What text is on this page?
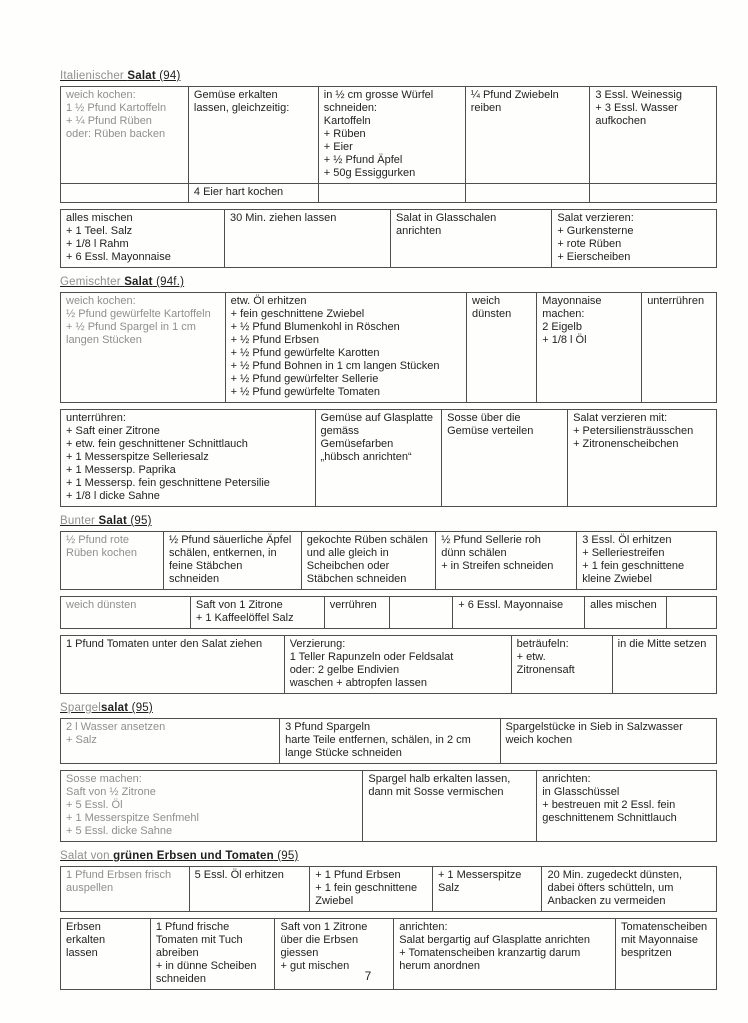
Italienischer Salat (94)
weich kochen:
1 ½ Pfund Kartoffeln
+ ¼ Pfund Rüben
oder: Rüben backen	Gemüse erkalten
lassen, gleichzeitig:	in ½ cm grosse Würfel
schneiden:
Kartoffeln
+ Rüben
+ Eier
+ ½ Pfund Äpfel
+ 50g Essiggurken	¼ Pfund Zwiebeln
reiben	3 Essl. Weinessig
+ 3 Essl. Wasser
aufkochen
	4 Eier hart kochen			
alles mischen
+ 1 Teel. Salz
+ 1/8 l Rahm
+ 6 Essl. Mayonnaise	30 Min. ziehen lassen	Salat in Glasschalen
anrichten	Salat verzieren:
+ Gurkensterne
+ rote Rüben
+ Eierscheiben
Gemischter Salat (94f.)
weich kochen:
½ Pfund gewürfelte Kartoffeln
+ ½ Pfund Spargel in 1 cm
langen Stücken	etw. Öl erhitzen
+ fein geschnittene Zwiebel
+ ½ Pfund Blumenkohl in Röschen
+ ½ Pfund Erbsen
+ ½ Pfund gewürfelte Karotten
+ ½ Pfund Bohnen in 1 cm langen Stücken
+ ½ Pfund gewürfelter Sellerie
+ ½ Pfund gewürfelte Tomaten	weich
dünsten	Mayonnaise
machen:
2 Eigelb
+ 1/8 l Öl	unterrühren
unterrühren:
+ Saft einer Zitrone
+ etw. fein geschnittener Schnittlauch
+ 1 Messerspitze Selleriesalz
+ 1 Messersp. Paprika
+ 1 Messersp. fein geschnittene Petersilie
+ 1/8 l dicke Sahne	Gemüse auf Glasplatte
gemäss
Gemüsefarben
„hübsch anrichten“	Sosse über die
Gemüse verteilen	Salat verzieren mit:
+ Petersiliensträusschen
+ Zitronenscheibchen
Bunter Salat (95)
½ Pfund rote
Rüben kochen	½ Pfund säuerliche Äpfel
schälen, entkernen, in
feine Stäbchen
schneiden	gekochte Rüben schälen
und alle gleich in
Scheibchen oder
Stäbchen schneiden	½ Pfund Sellerie roh
dünn schälen
+ in Streifen schneiden	3 Essl. Öl erhitzen
+ Selleriestreifen
+ 1 fein geschnittene
kleine Zwiebel
weich dünsten	Saft von 1 Zitrone
+ 1 Kaffeelöffel Salz	verrühren		+ 6 Essl. Mayonnaise	alles mischen	
1 Pfund Tomaten unter den Salat ziehen	Verzierung:
1 Teller Rapunzeln oder Feldsalat
oder: 2 gelbe Endivien
waschen + abtropfen lassen	beträufeln:
+ etw.
Zitronensaft	in die Mitte setzen
Spargelsalat (95)
2 l Wasser ansetzen
+ Salz	3 Pfund Spargeln
harte Teile entfernen, schälen, in 2 cm
lange Stücke schneiden	Spargelstücke in Sieb in Salzwasser
weich kochen
Sosse machen:
Saft von ½ Zitrone
+ 5 Essl. Öl
+ 1 Messerspitze Senfmehl
+ 5 Essl. dicke Sahne	Spargel halb erkalten lassen,
dann mit Sosse vermischen	anrichten:
in Glasschüssel
+ bestreuen mit 2 Essl. fein
geschnittenem Schnittlauch
Salat von grünen Erbsen und Tomaten (95)
1 Pfund Erbsen frisch
auspellen	5 Essl. Öl erhitzen	+ 1 Pfund Erbsen
+ 1 fein geschnittene
Zwiebel	+ 1 Messerspitze
Salz	20 Min. zugedeckt dünsten,
dabei öfters schütteln, um
Anbacken zu vermeiden
Erbsen
erkalten
lassen	1 Pfund frische
Tomaten mit Tuch
abreiben
+ in dünne Scheiben
schneiden	Saft von 1 Zitrone
über die Erbsen
giessen
+ gut mischen	anrichten:
Salat bergartig auf Glasplatte anrichten
+ Tomatenscheiben kranzartig darum
herum anordnen	Tomatenscheiben
mit Mayonnaise
bespritzen
7
